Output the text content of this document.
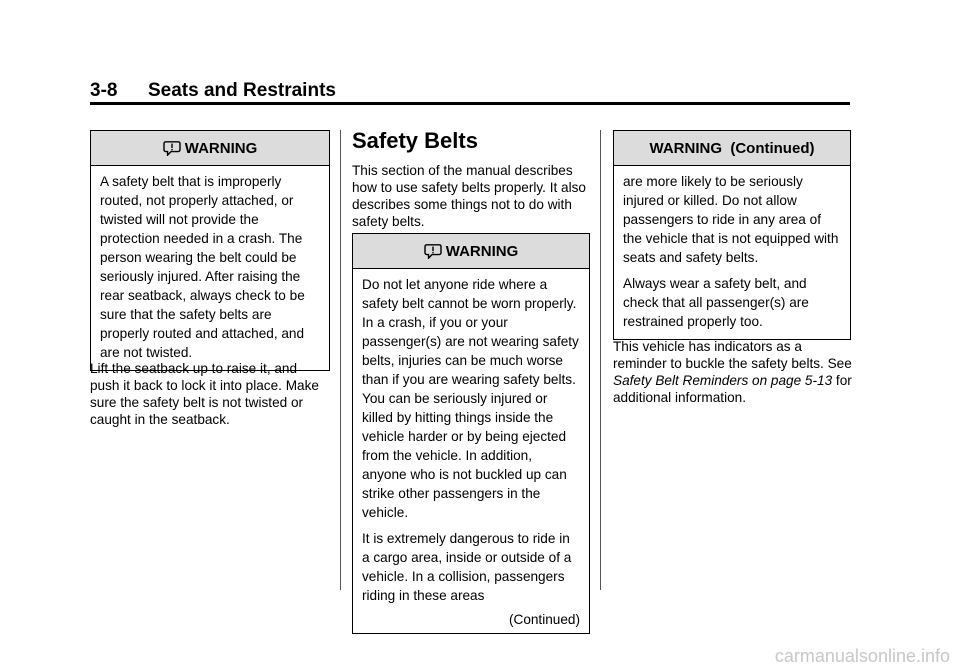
3-8 Seats and Restraints
WARNING

A safety belt that is improperly routed, not properly attached, or twisted will not provide the protection needed in a crash. The person wearing the belt could be seriously injured. After raising the rear seatback, always check to be sure that the safety belts are properly routed and attached, and are not twisted.

Lift the seatback up to raise it, and push it back to lock it into place. Make sure the safety belt is not twisted or caught in the seatback.

Safety Belts

This section of the manual describes how to use safety belts properly. It also describes some things not to do with safety belts.

WARNING

Do not let anyone ride where a safety belt cannot be worn properly. In a crash, if you or your passenger(s) are not wearing safety belts, injuries can be much worse than if you are wearing safety belts. You can be seriously injured or killed by hitting things inside the vehicle harder or by being ejected from the vehicle. In addition, anyone who is not buckled up can strike other passengers in the vehicle.

It is extremely dangerous to ride in a cargo area, inside or outside of a vehicle. In a collision, passengers riding in these areas

(Continued)
WARNING  (Continued)

are more likely to be seriously injured or killed. Do not allow passengers to ride in any area of the vehicle that is not equipped with seats and safety belts.

Always wear a safety belt, and check that all passenger(s) are restrained properly too.

This vehicle has indicators as a reminder to buckle the safety belts. See Safety Belt Reminders on page 5-13 for additional information.

carmanualsonline.info
